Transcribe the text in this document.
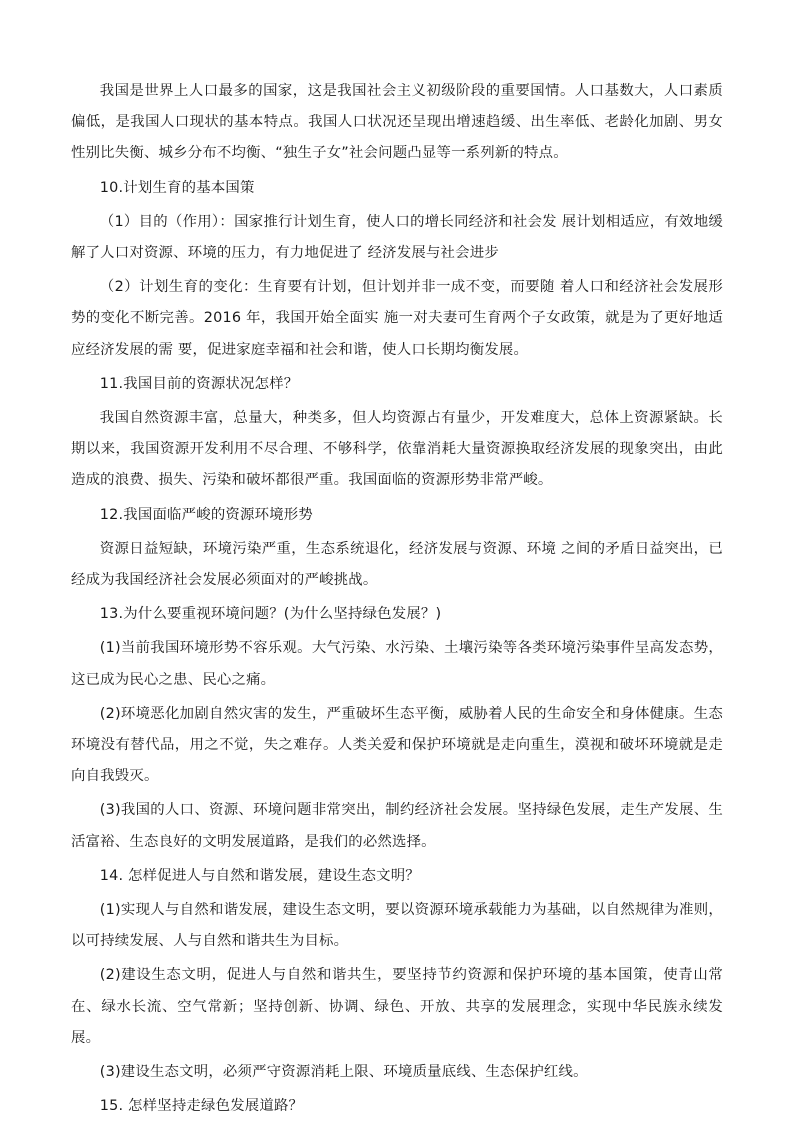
我国是世界上人口最多的国家，这是我国社会主义初级阶段的重要国情。人口基数大，人口素质偏低，是我国人口现状的基本特点。我国人口状况还呈现出增速趋缓、出生率低、老龄化加剧、男女性别比失衡、城乡分布不均衡、“独生子女”社会问题凸显等一系列新的特点。

10.计划生育的基本国策

（1）目的（作用）：国家推行计划生育，使人口的增长同经济和社会发 展计划相适应，有效地缓解了人口对资源、环境的压力，有力地促进了 经济发展与社会进步

（2）计划生育的变化：生育要有计划，但计划并非一成不变，而要随 着人口和经济社会发展形势的变化不断完善。2016 年，我国开始全面实 施一对夫妻可生育两个子女政策，就是为了更好地适应经济发展的需 要，促进家庭幸福和社会和谐，使人口长期均衡发展。

11.我国目前的资源状况怎样？

我国自然资源丰富，总量大，种类多，但人均资源占有量少，开发难度大，总体上资源紧缺。长期以来，我国资源开发利用不尽合理、不够科学，依靠消耗大量资源换取经济发展的现象突出，由此造成的浪费、损失、污染和破坏都很严重。我国面临的资源形势非常严峻。

12.我国面临严峻的资源环境形势

资源日益短缺，环境污染严重，生态系统退化，经济发展与资源、环境 之间的矛盾日益突出，已经成为我国经济社会发展必须面对的严峻挑战。

13.为什么要重视环境问题？(为什么坚持绿色发展？)

(1)当前我国环境形势不容乐观。大气污染、水污染、土壤污染等各类环境污染事件呈高发态势，这已成为民心之患、民心之痛。

(2)环境恶化加剧自然灾害的发生，严重破坏生态平衡，威胁着人民的生命安全和身体健康。生态环境没有替代品，用之不觉，失之难存。人类关爱和保护环境就是走向重生，漠视和破坏环境就是走向自我毁灭。

(3)我国的人口、资源、环境问题非常突出，制约经济社会发展。坚持绿色发展，走生产发展、生活富裕、生态良好的文明发展道路，是我们的必然选择。

14. 怎样促进人与自然和谐发展，建设生态文明？

(1)实现人与自然和谐发展，建设生态文明，要以资源环境承载能力为基础，以自然规律为准则，以可持续发展、人与自然和谐共生为目标。

(2)建设生态文明，促进人与自然和谐共生，要坚持节约资源和保护环境的基本国策，使青山常在、绿水长流、空气常新；坚持创新、协调、绿色、开放、共享的发展理念，实现中华民族永续发展。

(3)建设生态文明，必须严守资源消耗上限、环境质量底线、生态保护红线。

15. 怎样坚持走绿色发展道路？
